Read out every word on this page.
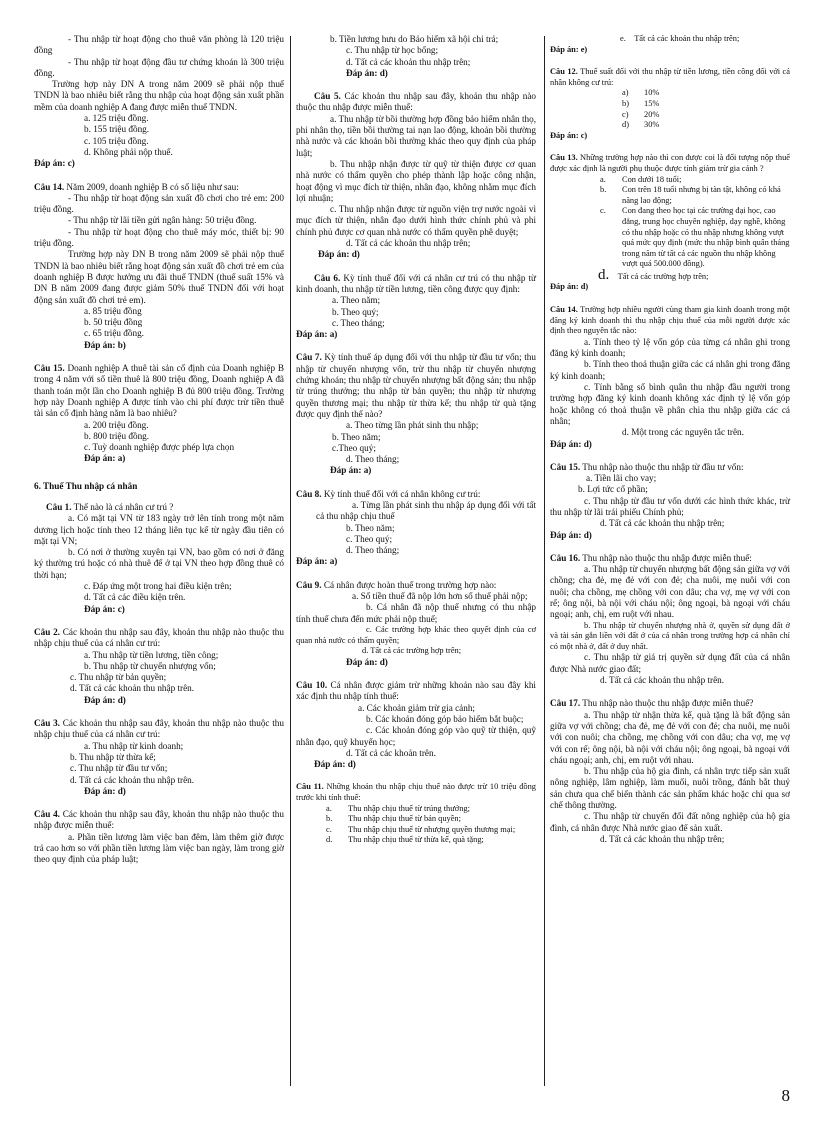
- Thu nhập từ hoạt động cho thuê văn phòng là 120 triệu đồng

- Thu nhập từ hoạt động đầu tư chứng khoán là 300 triệu đồng.

Trường hợp này DN A trong năm 2009 sẽ phải nộp thuế TNDN là bao nhiêu biết rằng thu nhập của hoạt động sản xuất phần mềm của doanh nghiệp A đang được miễn thuế TNDN.

a. 125 triệu đồng.

b. 155 triệu đồng.

c. 105 triệu đồng.

d. Không phải nộp thuế.

Đáp án: c)

Câu 14. Năm 2009, doanh nghiệp B có số liệu như sau:

- Thu nhập từ hoạt động sản xuất đồ chơi cho trẻ em: 200 triệu đồng.

- Thu nhập từ lãi tiền gửi ngân hàng: 50 triệu đồng.

- Thu nhập từ hoạt động cho thuê máy móc, thiết bị: 90 triệu đồng.

Trường hợp này DN B trong năm 2009 sẽ phải nộp thuế TNDN là bao nhiêu biết rằng hoạt động sản xuất đồ chơi trẻ em của doanh nghiệp B được hưởng ưu đãi thuế TNDN (thuế suất 15% và DN B năm 2009 đang được giảm 50% thuế TNDN đối với hoạt động sản xuất đồ chơi trẻ em).

a. 85 triệu đồng

b. 50 triệu đồng

c. 65 triệu đồng.

Đáp án: b)

Câu 15. Doanh nghiệp A thuê tài sản cố định của Doanh nghiệp B trong 4 năm với số tiền thuê là 800 triệu đồng, Doanh nghiệp A đã thanh toán một lần cho Doanh nghiệp B đủ 800 triệu đồng. Trường hợp này Doanh nghiệp A được tính vào chi phí được trừ tiền thuê tài sản cố định hàng năm là bao nhiêu?

a. 200 triệu đồng.

b. 800 triệu đồng.

c. Tuỳ doanh nghiệp được phép lựa chọn

Đáp án: a)

6. Thuế Thu nhập cá nhân

Câu 1. Thế nào là cá nhân cư trú ?

a. Có mặt tại VN từ 183 ngày trở lên tính trong một năm dương lịch hoặc tính theo 12 tháng liên tục kể từ ngày đầu tiên có mặt tại VN;

b. Có nơi ở thường xuyên tại VN, bao gồm có nơi ở đăng ký thường trú hoặc có nhà thuê để ở tại VN theo hợp đồng thuê có thời hạn;

c. Đáp ứng một trong hai điều kiện trên;

d. Tất cả các điều kiện trên.

Đáp án: c)

Câu 2. Các khoản thu nhập sau đây, khoản thu nhập nào thuộc thu nhập chịu thuế của cá nhân cư trú:

a. Thu nhập từ tiền lương, tiền công;

b. Thu nhập từ chuyển nhượng vốn;

c. Thu nhập từ bản quyền;

d. Tất cả các khoản thu nhập trên.

Đáp án: d)

Câu 3. Các khoản thu nhập sau đây, khoản thu nhập nào thuộc thu nhập chịu thuế của cá nhân cư trú:

a. Thu nhập từ kinh doanh;

b. Thu nhập từ thừa kế;

c. Thu nhập từ đầu tư vốn;

d. Tất cả các khoản thu nhập trên.

Đáp án: d)

Câu 4. Các khoản thu nhập sau đây, khoản thu nhập nào thuộc thu nhập được miễn thuế:

a. Phần tiền lương làm việc ban đêm, làm thêm giờ được trả cao hơn so với phần tiền lương làm việc ban ngày, làm trong giờ theo quy định của pháp luật;

b. Tiền lương hưu do Bảo hiểm xã hội chi trả;

c. Thu nhập từ học bổng;

d. Tất cả các khoản thu nhập trên;

Đáp án: d)

Câu 5. Các khoản thu nhập sau đây, khoản thu nhập nào thuộc thu nhập được miễn thuế:

a. Thu nhập từ bồi thường hợp đồng bảo hiểm nhân thọ, phi nhân thọ, tiền bồi thường tai nạn lao động, khoản bồi thường nhà nước và các khoản bồi thường khác theo quy định của pháp luật;

b. Thu nhập nhận được từ quỹ từ thiện được cơ quan nhà nước có thẩm quyền cho phép thành lập hoặc công nhận, hoạt động vì mục đích từ thiện, nhân đạo, không nhằm mục đích lợi nhuận;

c. Thu nhập nhận được từ nguồn viện trợ nước ngoài vì mục đích từ thiện, nhân đạo dưới hình thức chính phủ và phi chính phủ được cơ quan nhà nước có thẩm quyền phê duyệt;

d. Tất cả các khoản thu nhập trên;

Đáp án: d)

Câu 6. Kỳ tính thuế đối với cá nhân cư trú có thu nhập từ kinh doanh, thu nhập từ tiền lương, tiền công được quy định:

a. Theo năm;

b. Theo quý;

c. Theo tháng;

Đáp án: a)

Câu 7. Kỳ tính thuế áp dụng đối với thu nhập từ đầu tư vốn; thu nhập từ chuyển nhượng vốn, trừ thu nhập từ chuyển nhượng chứng khoán; thu nhập từ chuyển nhượng bất động sản; thu nhập từ trúng thưởng; thu nhập từ bản quyền; thu nhập từ nhượng quyền thương mại; thu nhập từ thừa kế; thu nhập từ quà tặng được quy định thế nào?

a. Theo từng lần phát sinh thu nhập;

b. Theo năm;

c.Theo quý;

d. Theo tháng;

Đáp án: a)

Câu 8. Kỳ tính thuế đối với cá nhân không cư trú:

a. Từng lần phát sinh thu nhập áp dụng đối với tất cả thu nhập chịu thuế

b. Theo năm;

c. Theo quý;

d. Theo tháng;

Đáp án: a)

Câu 9. Cá nhân được hoàn thuế trong trường hợp nào:

a. Số tiền thuế đã nộp lớn hơn số thuế phải nộp;

b. Cá nhân đã nộp thuế nhưng có thu nhập tính thuế chưa đến mức phải nộp thuế;

c. Các trường hợp khác theo quyết định của cơ quan nhà nước có thẩm quyền;

d. Tất cả các trường hợp trên;

Đáp án: d)

Câu 10. Cá nhân được giảm trừ những khoản nào sau đây khi xác định thu nhập tính thuế:

a. Các khoản giảm trừ gia cảnh;

b. Các khoản đóng góp bảo hiểm bắt buộc;

c. Các khoản đóng góp vào quỹ từ thiện, quỹ nhân đạo, quỹ khuyến học;

d. Tất cả các khoản trên.

Đáp án: d)

Câu 11. Những khoản thu nhập chịu thuế nào được trừ 10 triệu đồng trước khi tính thuế:

a. Thu nhập chịu thuế từ trúng thưởng;
b. Thu nhập chịu thuế từ bản quyền;
c. Thu nhập chịu thuế từ nhượng quyền thương mại;
d. Thu nhập chịu thuế từ thừa kế, quà tặng;

e. Tất cả các khoản thu nhập trên;

Đáp án: e)

Câu 12. Thuế suất đối với thu nhập từ tiền lương, tiền công đối với cá nhân không cư trú:

a) 10%
b) 15%
c) 20%
d) 30%

Đáp án: c)

Câu 13. Những trường hợp nào thì con được coi là đối tượng nộp thuế được xác định là người phụ thuộc được tính giảm trừ gia cảnh ?

a. Con dưới 18 tuổi;
b. Con trên 18 tuổi nhưng bị tàn tật, không có khả năng lao động;
c. Con đang theo học tại các trường đại học, cao đẳng, trung học chuyên nghiệp, dạy nghề, không có thu nhập hoặc có thu nhập nhưng không vượt quá mức quy định (mức thu nhập bình quân tháng trong năm từ tất cả các nguồn thu nhập không vượt quá 500.000 đồng).

d. Tất cả các trường hợp trên;

Đáp án: d)

Câu 14. Trường hợp nhiều người cùng tham gia kinh doanh trong một đăng ký kinh doanh thì thu nhập chịu thuế của mỗi người được xác định theo nguyên tắc nào:

a. Tính theo tỷ lệ vốn góp của từng cá nhân ghi trong đăng ký kinh doanh;

b. Tính theo thoả thuận giữa các cá nhân ghi trong đăng ký kinh doanh;

c. Tính bằng số bình quân thu nhập đầu người trong trường hợp đăng ký kinh doanh không xác định tỷ lệ vốn góp hoặc không có thoả thuận về phân chia thu nhập giữa các cá nhân;

d. Một trong các nguyên tắc trên.

Đáp án: d)

Câu 15. Thu nhập nào thuộc thu nhập từ đầu tư vốn:

a. Tiền lãi cho vay;

b. Lợi tức cổ phần;

c. Thu nhập từ đầu tư vốn dưới các hình thức khác, trừ thu nhập từ lãi trái phiếu Chính phủ;

d. Tất cả các khoản thu nhập trên;

Đáp án: d)

Câu 16. Thu nhập nào thuộc thu nhập được miễn thuế:

a. Thu nhập từ chuyển nhượng bất động sản giữa vợ với chồng; cha đẻ, mẹ đẻ với con đẻ; cha nuôi, mẹ nuôi với con nuôi; cha chồng, mẹ chồng với con dâu; cha vợ, mẹ vợ với con rể; ông nội, bà nội với cháu nội; ông ngoại, bà ngoại với cháu ngoại; anh, chị, em ruột với nhau.

b. Thu nhập từ chuyển nhượng nhà ở, quyền sử dụng đất ở và tài sản gắn liền với đất ở của cá nhân trong trường hợp cá nhân chỉ có một nhà ở, đất ở duy nhất.

c. Thu nhập từ giá trị quyền sử dụng đất của cá nhân được Nhà nước giao đất;

d. Tất cả các khoản thu nhập trên.

Câu 17. Thu nhập nào thuộc thu nhập được miễn thuế?

a. Thu nhập từ nhận thừa kế, quà tặng là bất động sản giữa vợ với chồng; cha đẻ, mẹ đẻ với con đẻ; cha nuôi, mẹ nuôi với con nuôi; cha chồng, mẹ chồng với con dâu; cha vợ, mẹ vợ với con rể; ông nội, bà nội với cháu nội; ông ngoại, bà ngoại với cháu ngoại; anh, chị, em ruột với nhau.

b. Thu nhập của hộ gia đình, cá nhân trực tiếp sản xuất nông nghiệp, lâm nghiệp, làm muối, nuôi trồng, đánh bắt thuỷ sản chưa qua chế biến thành các sản phẩm khác hoặc chỉ qua sơ chế thông thường.

c. Thu nhập từ chuyển đổi đất nông nghiệp của hộ gia đình, cá nhân được Nhà nước giao để sản xuất.

d. Tất cả các khoản thu nhập trên;

8
